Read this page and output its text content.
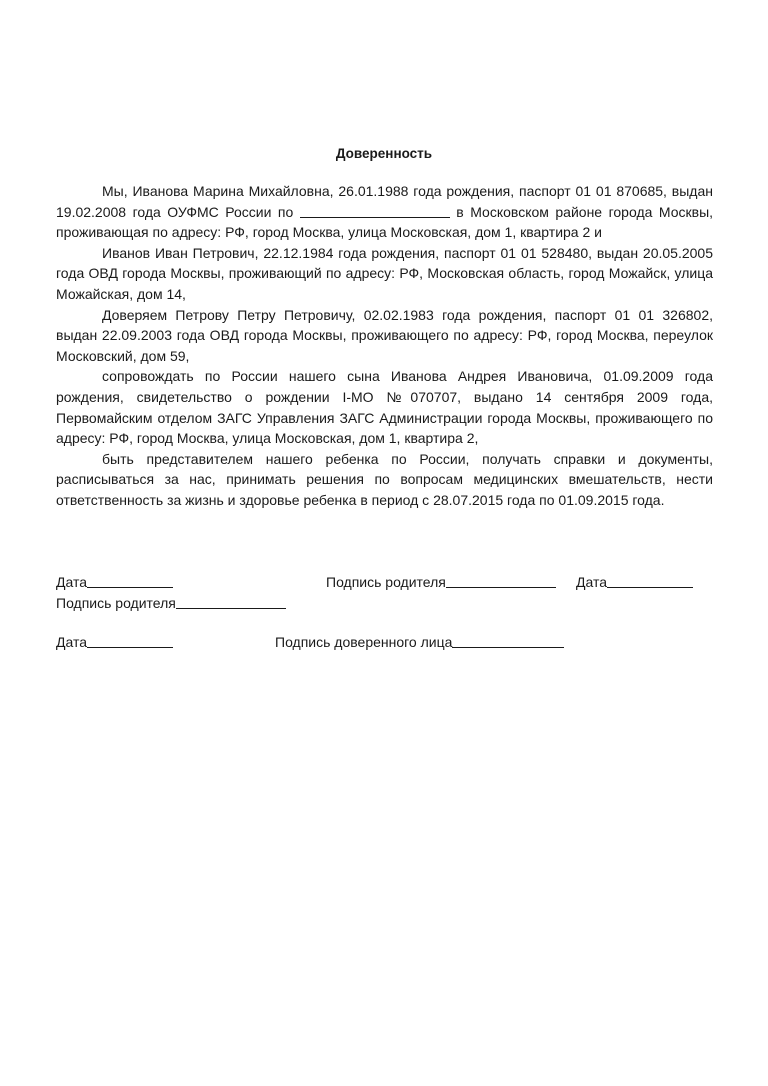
Доверенность

Мы, Иванова Марина Михайловна, 26.01.1988 года рождения, паспорт 01 01 870685, выдан 19.02.2008 года ОУФМС России по	в Московском районе города Москвы, проживающая по адресу: РФ, город Москва, улица Московская, дом 1, квартира 2 и

Иванов Иван Петрович, 22.12.1984 года рождения, паспорт 01 01 528480, выдан 20.05.2005 года ОВД города Москвы, проживающий по адресу: РФ, Московская область, город Можайск, улица Можайская, дом 14,

Доверяем Петрову Петру Петровичу, 02.02.1983 года рождения, паспорт 01 01 326802, выдан 22.09.2003 года ОВД города Москвы, проживающего по адресу: РФ, город Москва, переулок Московский, дом 59,

сопровождать по России нашего сына Иванова Андрея Ивановича, 01.09.2009 года рождения, свидетельство о рождении I-МО №070707, выдано 14 сентября 2009 года, Первомайским отделом ЗАГС Управления ЗАГС Администрации города Москвы, проживающего по адресу: РФ, город Москва, улица Московская, дом 1, квартира 2,

быть представителем нашего ребенка по России, получать справки и документы, расписываться за нас, принимать решения по вопросам медицинских вмешательств, нести ответственность за жизнь и здоровье ребенка в период с 28.07.2015 года по 01.09.2015 года.

Дата	Подпись родителя	Дата
Подпись родителя
Дата	Подпись доверенного лица
